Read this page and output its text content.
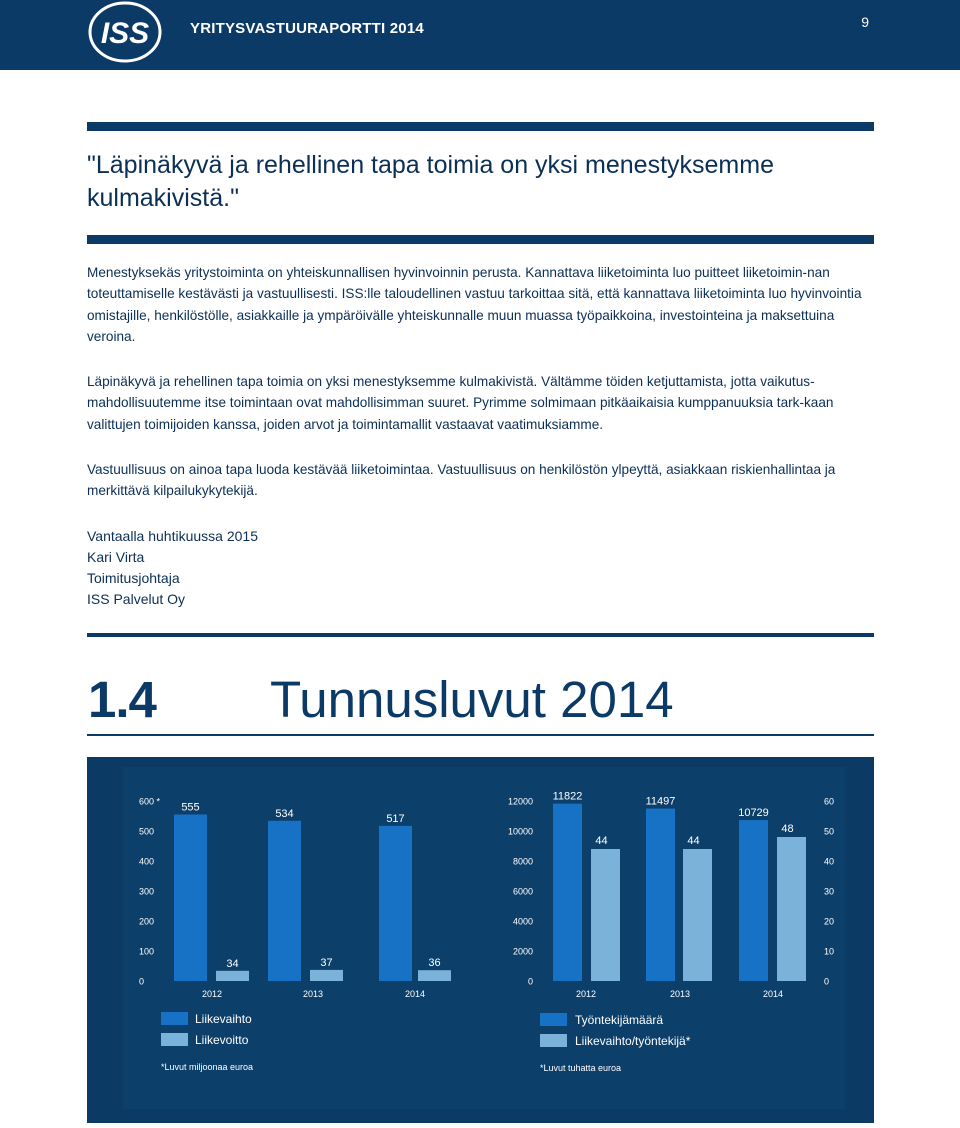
ISS	YRITYSVASTUURAPORTTI 2014	9
"Läpinäkyvä ja rehellinen tapa toimia on yksi menestyksemme kulmakivistä."
Menestyksekäs yritystoiminta on yhteiskunnallisen hyvinvoinnin perusta. Kannattava liiketoiminta luo puitteet liiketoimin-nan toteuttamiselle kestävästi ja vastuullisesti. ISS:lle taloudellinen vastuu tarkoittaa sitä, että kannattava liiketoiminta luo hyvinvointia omistajille, henkilöstölle, asiakkaille ja ympäröivälle yhteiskunnalle muun muassa työpaikkoina, investointeina ja maksettuina veroina.
Läpinäkyvä ja rehellinen tapa toimia on yksi menestyksemme kulmakivistä. Vältämme töiden ketjuttamista, jotta vaikutus-mahdollisuutemme itse toimintaan ovat mahdollisimman suuret. Pyrimme solmimaan pitkäaikaisia kumppanuuksia tark-kaan valittujen toimijoiden kanssa, joiden arvot ja toimintamallit vastaavat vaatimuksiamme.
Vastuullisuus on ainoa tapa luoda kestävää liiketoimintaa. Vastuullisuus on henkilöstön ylpeyttä, asiakkaan riskienhallintaa ja merkittävä kilpailukykytekijä.
Vantaalla huhtikuussa 2015
Kari Virta
Toimitusjohtaja
ISS Palvelut Oy
1.4 Tunnusluvut 2014
0
100
200
300
400
500
600 * 555
34
2012
534
37
2013
517
36
2014
Liikevaihto
Liikevoitto
*Luvut miljoonaa euroa
0
2000
4000
6000
8000
10000
12000
0
10
20
30
40
50
60
11822
44
2012
11497
44
2013
10729
48
2014
Työntekijämäärä
Liikevaihto/työntekijä*
*Luvut tuhatta euroa
